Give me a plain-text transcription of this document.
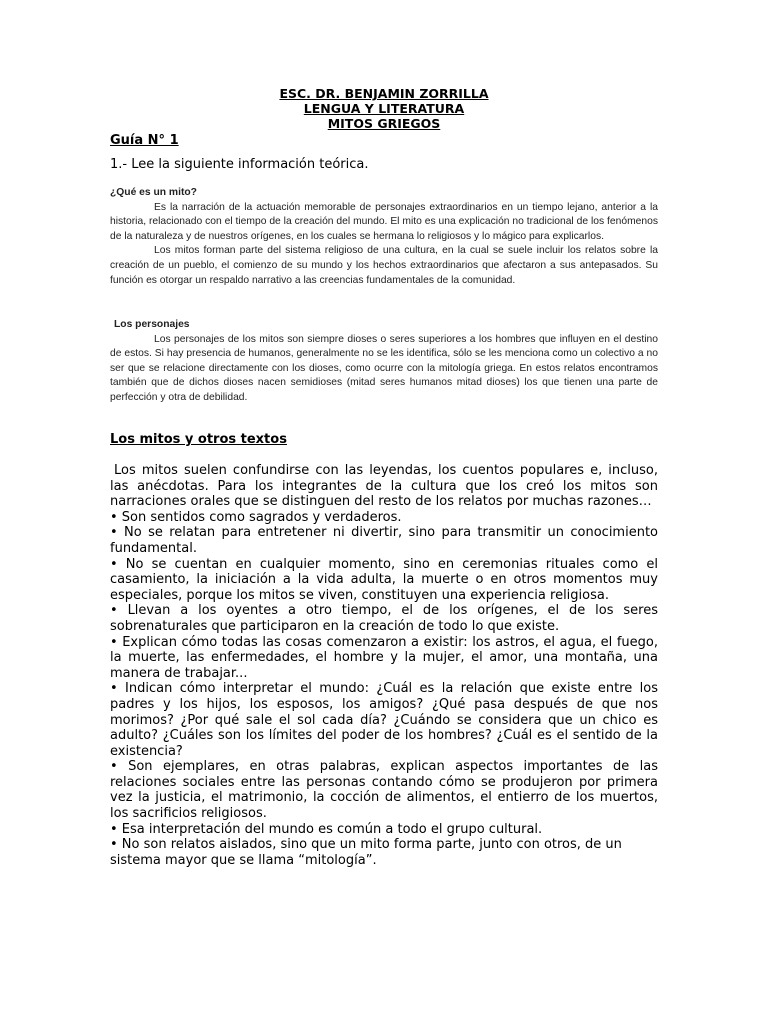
ESC. DR. BENJAMIN ZORRILLA
LENGUA Y LITERATURA
MITOS GRIEGOS
Guía N° 1
1.- Lee la siguiente información teórica.
¿Qué es un mito?

Es la narración de la actuación memorable de personajes extraordinarios en un tiempo lejano, anterior a la historia, relacionado con el tiempo de la creación del mundo. El mito es una explicación no tradicional de los fenómenos de la naturaleza y de nuestros orígenes, en los cuales se hermana lo religiosos y lo mágico para explicarlos.

Los mitos forman parte del sistema religioso de una cultura, en la cual se suele incluir los relatos sobre la creación de un pueblo, el comienzo de su mundo y los hechos extraordinarios que afectaron a sus antepasados. Su función es otorgar un respaldo narrativo a las creencias fundamentales de la comunidad.

Los personajes

Los personajes de los mitos son siempre dioses o seres superiores a los hombres que influyen en el destino de estos. Si hay presencia de humanos, generalmente no se les identifica, sólo se les menciona como un colectivo a no ser que se relacione directamente con los dioses, como ocurre con la mitología griega. En estos relatos encontramos también que de dichos dioses nacen semidioses (mitad seres humanos mitad dioses) los que tienen una parte de perfección y otra de debilidad.

Los mitos y otros textos

Los mitos suelen confundirse con las leyendas, los cuentos populares e, incluso, las anécdotas. Para los integrantes de la cultura que los creó los mitos son narraciones orales que se distinguen del resto de los relatos por muchas razones…

• Son sentidos como sagrados y verdaderos.

• No se relatan para entretener ni divertir, sino para transmitir un conocimiento fundamental.

• No se cuentan en cualquier momento, sino en ceremonias rituales como el casamiento, la iniciación a la vida adulta, la muerte o en otros momentos muy especiales, porque los mitos se viven, constituyen una experiencia religiosa.

• Llevan a los oyentes a otro tiempo, el de los orígenes, el de los seres sobrenaturales que participaron en la creación de todo lo que existe.

• Explican cómo todas las cosas comenzaron a existir: los astros, el agua, el fuego, la muerte, las enfermedades, el hombre y la mujer, el amor, una montaña, una manera de trabajar...

• Indican cómo interpretar el mundo: ¿Cuál es la relación que existe entre los padres y los hijos, los esposos, los amigos? ¿Qué pasa después de que nos morimos? ¿Por qué sale el sol cada día? ¿Cuándo se considera que un chico es adulto? ¿Cuáles son los límites del poder de los hombres? ¿Cuál es el sentido de la existencia?

• Son ejemplares, en otras palabras, explican aspectos importantes de las relaciones sociales entre las personas contando cómo se produjeron por primera vez la justicia, el matrimonio, la cocción de alimentos, el entierro de los muertos, los sacrificios religiosos.

• Esa interpretación del mundo es común a todo el grupo cultural.

• No son relatos aislados, sino que un mito forma parte, junto con otros, de un sistema mayor que se llama “mitología”.
